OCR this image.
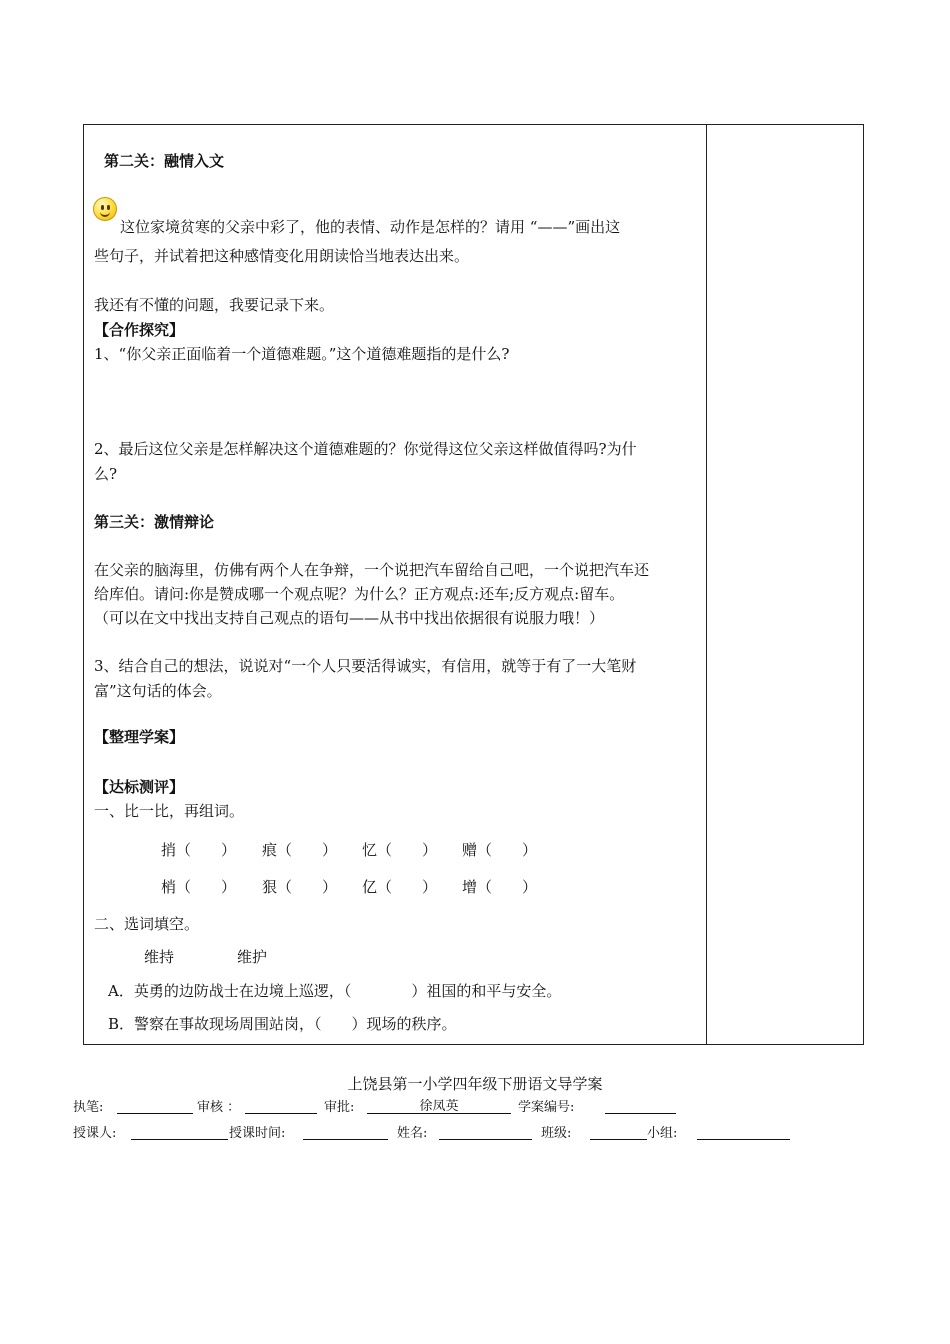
第二关：融情入文
这位家境贫寒的父亲中彩了，他的表情、动作是怎样的？请用 “——”画出这
些句子，并试着把这种感情变化用朗读恰当地表达出来。
我还有不懂的问题，我要记录下来。
【合作探究】
1、“你父亲正面临着一个道德难题。”这个道德难题指的是什么?
2、最后这位父亲是怎样解决这个道德难题的？你觉得这位父亲这样做值得吗?为什
么?
第三关：激情辩论
在父亲的脑海里，仿佛有两个人在争辩，一个说把汽车留给自己吧，一个说把汽车还
给库伯。请问:你是赞成哪一个观点呢？为什么？正方观点:还车;反方观点:留车。
（可以在文中找出支持自己观点的语句——从书中找出依据很有说服力哦！）
3、结合自己的想法，说说对“一个人只要活得诚实，有信用，就等于有了一大笔财
富”这句话的体会。
【整理学案】
【达标测评】
一、比一比，再组词。
捎（　　） 痕（　　） 忆（　　） 赠（　　）
梢（　　） 狠（　　） 亿（　　） 增（　　）
二、选词填空。
维持	维护
A．英勇的边防战士在边境上巡逻，（　　　　）祖国的和平与安全。
B．警察在事故现场周围站岗，（　　）现场的秩序。
上饶县第一小学四年级下册语文导学案
执笔:	审核 ：	审批:	徐凤英	学案编号:
授课人:	授课时间:	姓名:	班级:	小组:
